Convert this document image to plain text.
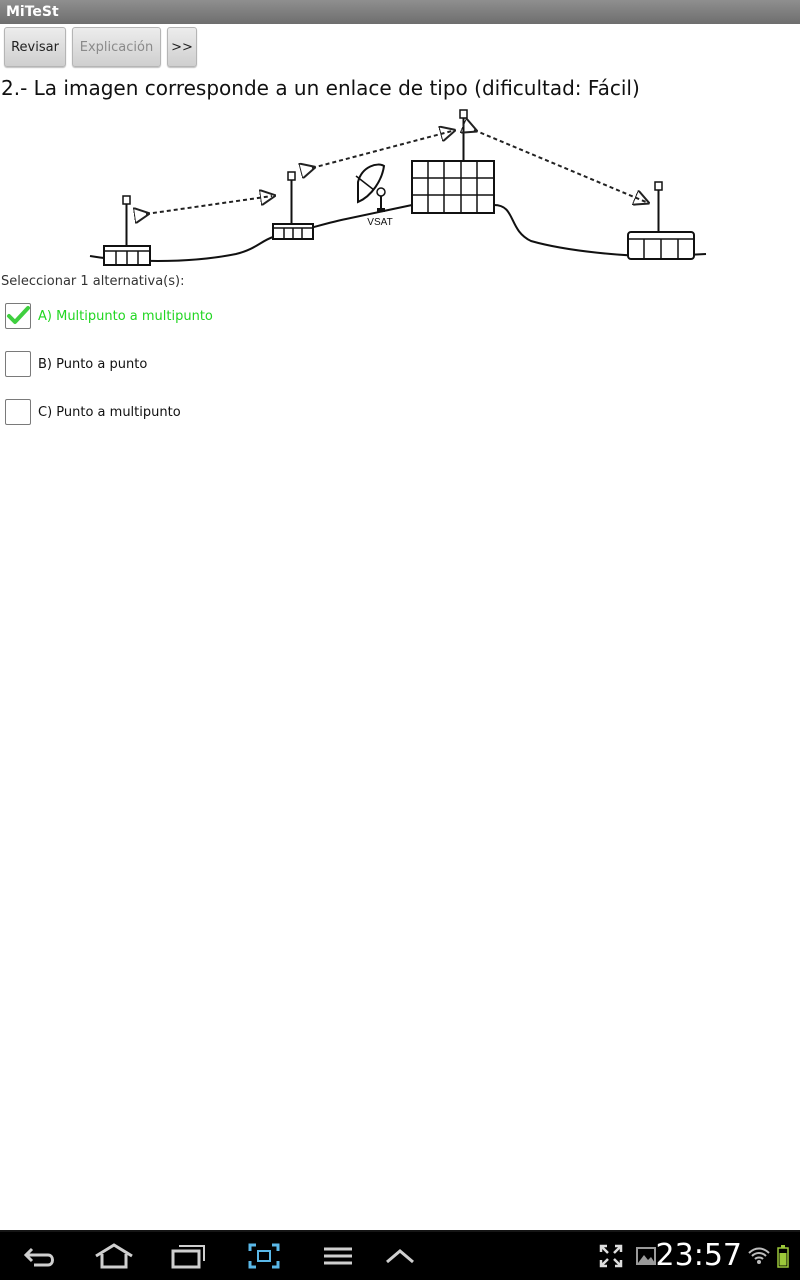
MiTeSt
Revisar	Explicación	>>
2.- La imagen corresponde a un enlace de tipo (dificultad: Fácil)
VSAT
Seleccionar 1 alternativa(s):
A) Multipunto a multipunto
B) Punto a punto
C) Punto a multipunto
23:57
